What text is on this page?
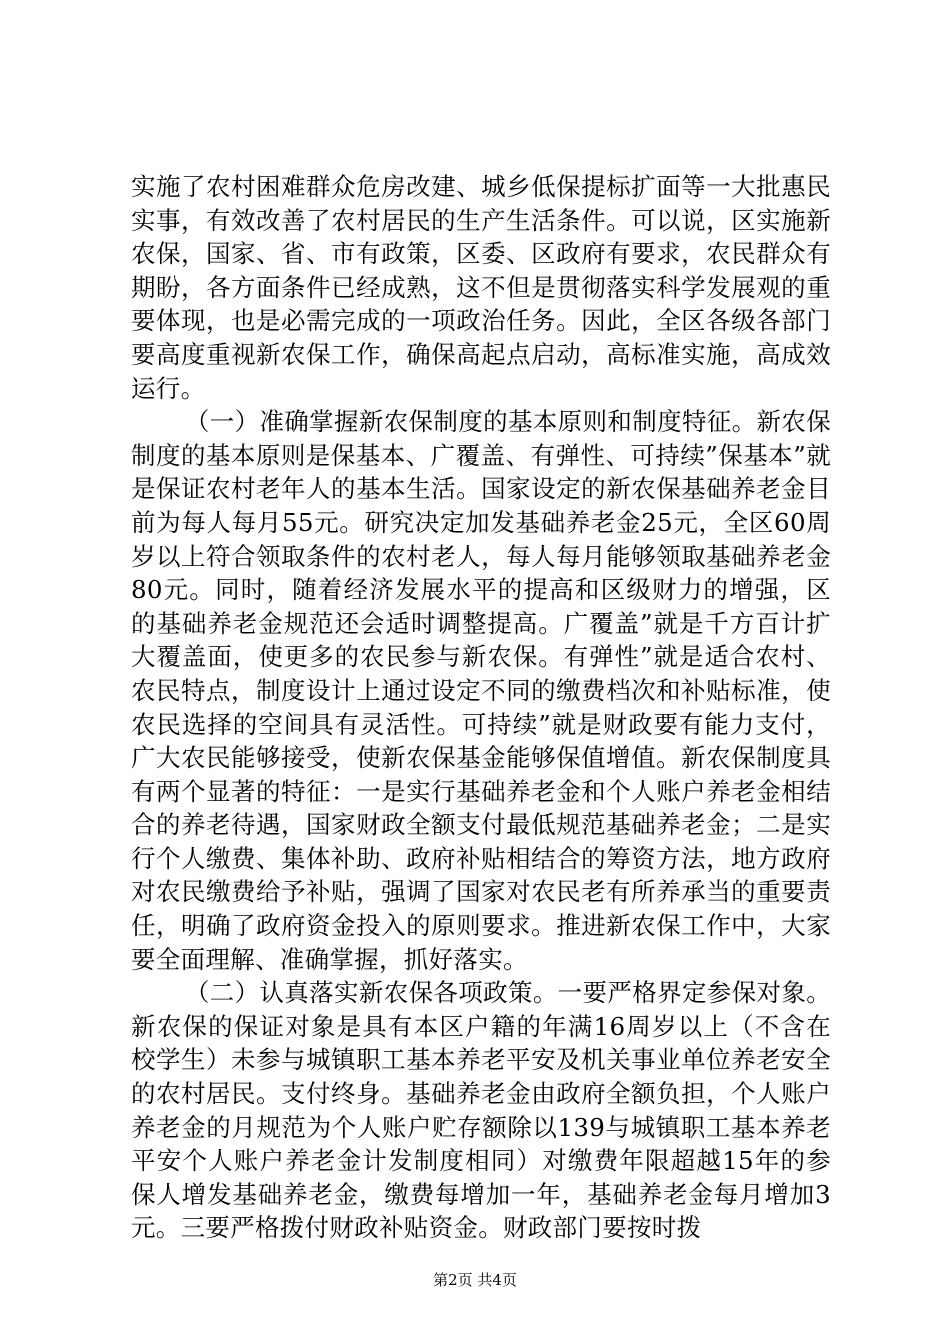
实施了农村困难群众危房改建、城乡低保提标扩面等一大批惠民实事，有效改善了农村居民的生产生活条件。可以说，区实施新农保，国家、省、市有政策，区委、区政府有要求，农民群众有期盼，各方面条件已经成熟，这不但是贯彻落实科学发展观的重要体现，也是必需完成的一项政治任务。因此，全区各级各部门要高度重视新农保工作，确保高起点启动，高标准实施，高成效运行。

（一）准确掌握新农保制度的基本原则和制度特征。新农保制度的基本原则是保基本、广覆盖、有弹性、可持续”保基本”就是保证农村老年人的基本生活。国家设定的新农保基础养老金目前为每人每月55元。研究决定加发基础养老金25元，全区60周岁以上符合领取条件的农村老人，每人每月能够领取基础养老金80元。同时，随着经济发展水平的提高和区级财力的增强，区的基础养老金规范还会适时调整提高。广覆盖”就是千方百计扩大覆盖面，使更多的农民参与新农保。有弹性”就是适合农村、农民特点，制度设计上通过设定不同的缴费档次和补贴标准，使农民选择的空间具有灵活性。可持续”就是财政要有能力支付，广大农民能够接受，使新农保基金能够保值增值。新农保制度具有两个显著的特征：一是实行基础养老金和个人账户养老金相结合的养老待遇，国家财政全额支付最低规范基础养老金；二是实行个人缴费、集体补助、政府补贴相结合的筹资方法，地方政府对农民缴费给予补贴，强调了国家对农民老有所养承当的重要责任，明确了政府资金投入的原则要求。推进新农保工作中，大家要全面理解、准确掌握，抓好落实。

（二）认真落实新农保各项政策。一要严格界定参保对象。新农保的保证对象是具有本区户籍的年满16周岁以上（不含在校学生）未参与城镇职工基本养老平安及机关事业单位养老安全的农村居民。支付终身。基础养老金由政府全额负担，个人账户养老金的月规范为个人账户贮存额除以139与城镇职工基本养老平安个人账户养老金计发制度相同）对缴费年限超越15年的参保人增发基础养老金，缴费每增加一年，基础养老金每月增加3元。三要严格拨付财政补贴资金。财政部门要按时拨

第2页 共4页
